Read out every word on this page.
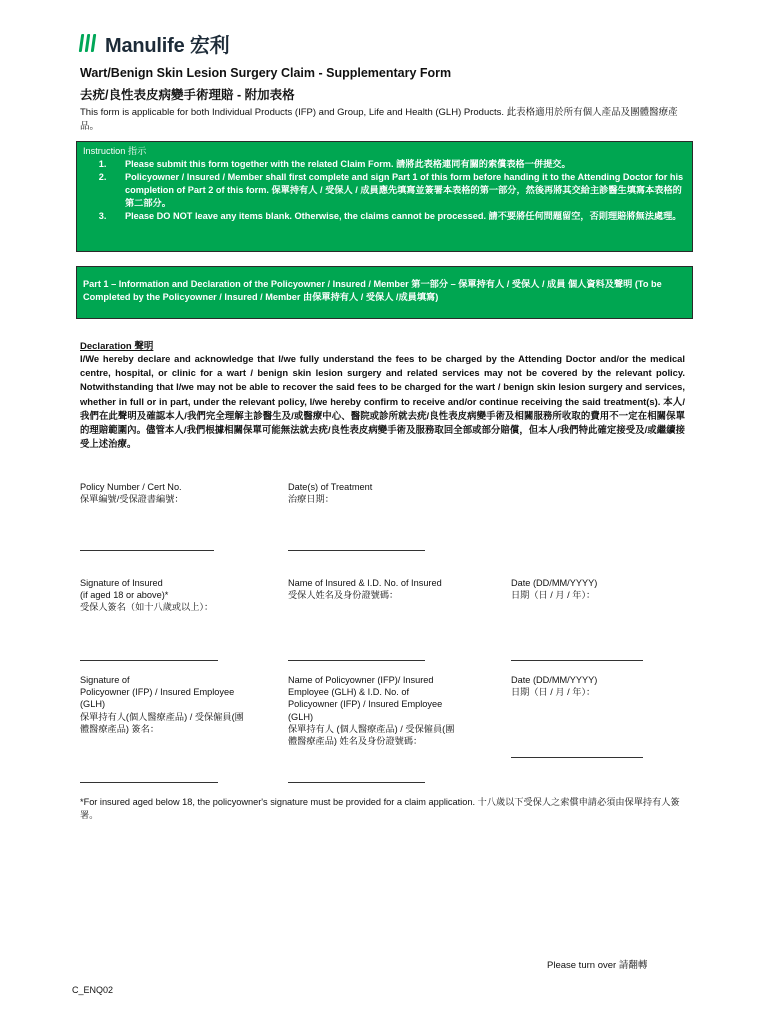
Manulife 宏利
Wart/Benign Skin Lesion Surgery Claim - Supplementary Form
去疣/良性表皮病變手術理賠 - 附加表格
This form is applicable for both Individual Products (IFP) and Group, Life and Health (GLH) Products. 此表格適用於所有個人產品及團體醫療產品。
Instruction 指示
1. Please submit this form together with the related Claim Form. 請將此表格連同有關的索償表格一併提交。
2. Policyowner / Insured / Member shall first complete and sign Part 1 of this form before handing it to the Attending Doctor for his completion of Part 2 of this form. 保單持有人 / 受保人 / 成員應先填寫並簽署本表格的第一部分，然後再將其交給主診醫生填寫本表格的第二部分。
3. Please DO NOT leave any items blank. Otherwise, the claims cannot be processed. 請不要將任何問題留空，否則理賠將無法處理。
Part 1 – Information and Declaration of the Policyowner / Insured / Member 第一部分 – 保單持有人 / 受保人 / 成員 個人資料及聲明 (To be Completed by the Policyowner / Insured / Member 由保單持有人 / 受保人 /成員填寫)
Declaration 聲明
I/We hereby declare and acknowledge that I/we fully understand the fees to be charged by the Attending Doctor and/or the medical centre, hospital, or clinic for a wart / benign skin lesion surgery and related services may not be covered by the relevant policy. Notwithstanding that I/we may not be able to recover the said fees to be charged for the wart / benign skin lesion surgery and services, whether in full or in part, under the relevant policy, I/we hereby confirm to receive and/or continue receiving the said treatment(s). 本人/我們在此聲明及確認本人/我們完全理解主診醫生及/或醫療中心、醫院或診所就去疣/良性表皮病變手術及相關服務所收取的費用不一定在相關保單的理賠範圍內。儘管本人/我們根據相關保單可能無法就去疣/良性表皮病變手術及服務取回全部或部分賠償，但本人/我們特此確定接受及/或繼續接受上述治療。
Policy Number / Cert No.
保單編號/受保證書編號：
Date(s) of Treatment
治療日期：
Signature of Insured
(if aged 18 or above)*
受保人簽名（如十八歲或以上）：
Name of Insured & I.D. No. of Insured
受保人姓名及身份證號碼：
Date (DD/MM/YYYY)
日期（日 / 月 / 年）：
Signature of
Policyowner (IFP) / Insured Employee
(GLH)
保單持有人(個人醫療產品) / 受保僱員(團
體醫療產品) 簽名：
Name of Policyowner (IFP)/ Insured
Employee (GLH) & I.D. No. of
Policyowner (IFP) / Insured Employee
(GLH)
保單持有人 (個人醫療產品) / 受保僱員(團
體醫療產品) 姓名及身份證號碼：
Date (DD/MM/YYYY)
日期（日 / 月 / 年）：
*For insured aged below 18, the policyowner's signature must be provided for a claim application. 十八歲以下受保人之索償申請必須由保單持有人簽署。
Please turn over 請翻轉
C_ENQ02
